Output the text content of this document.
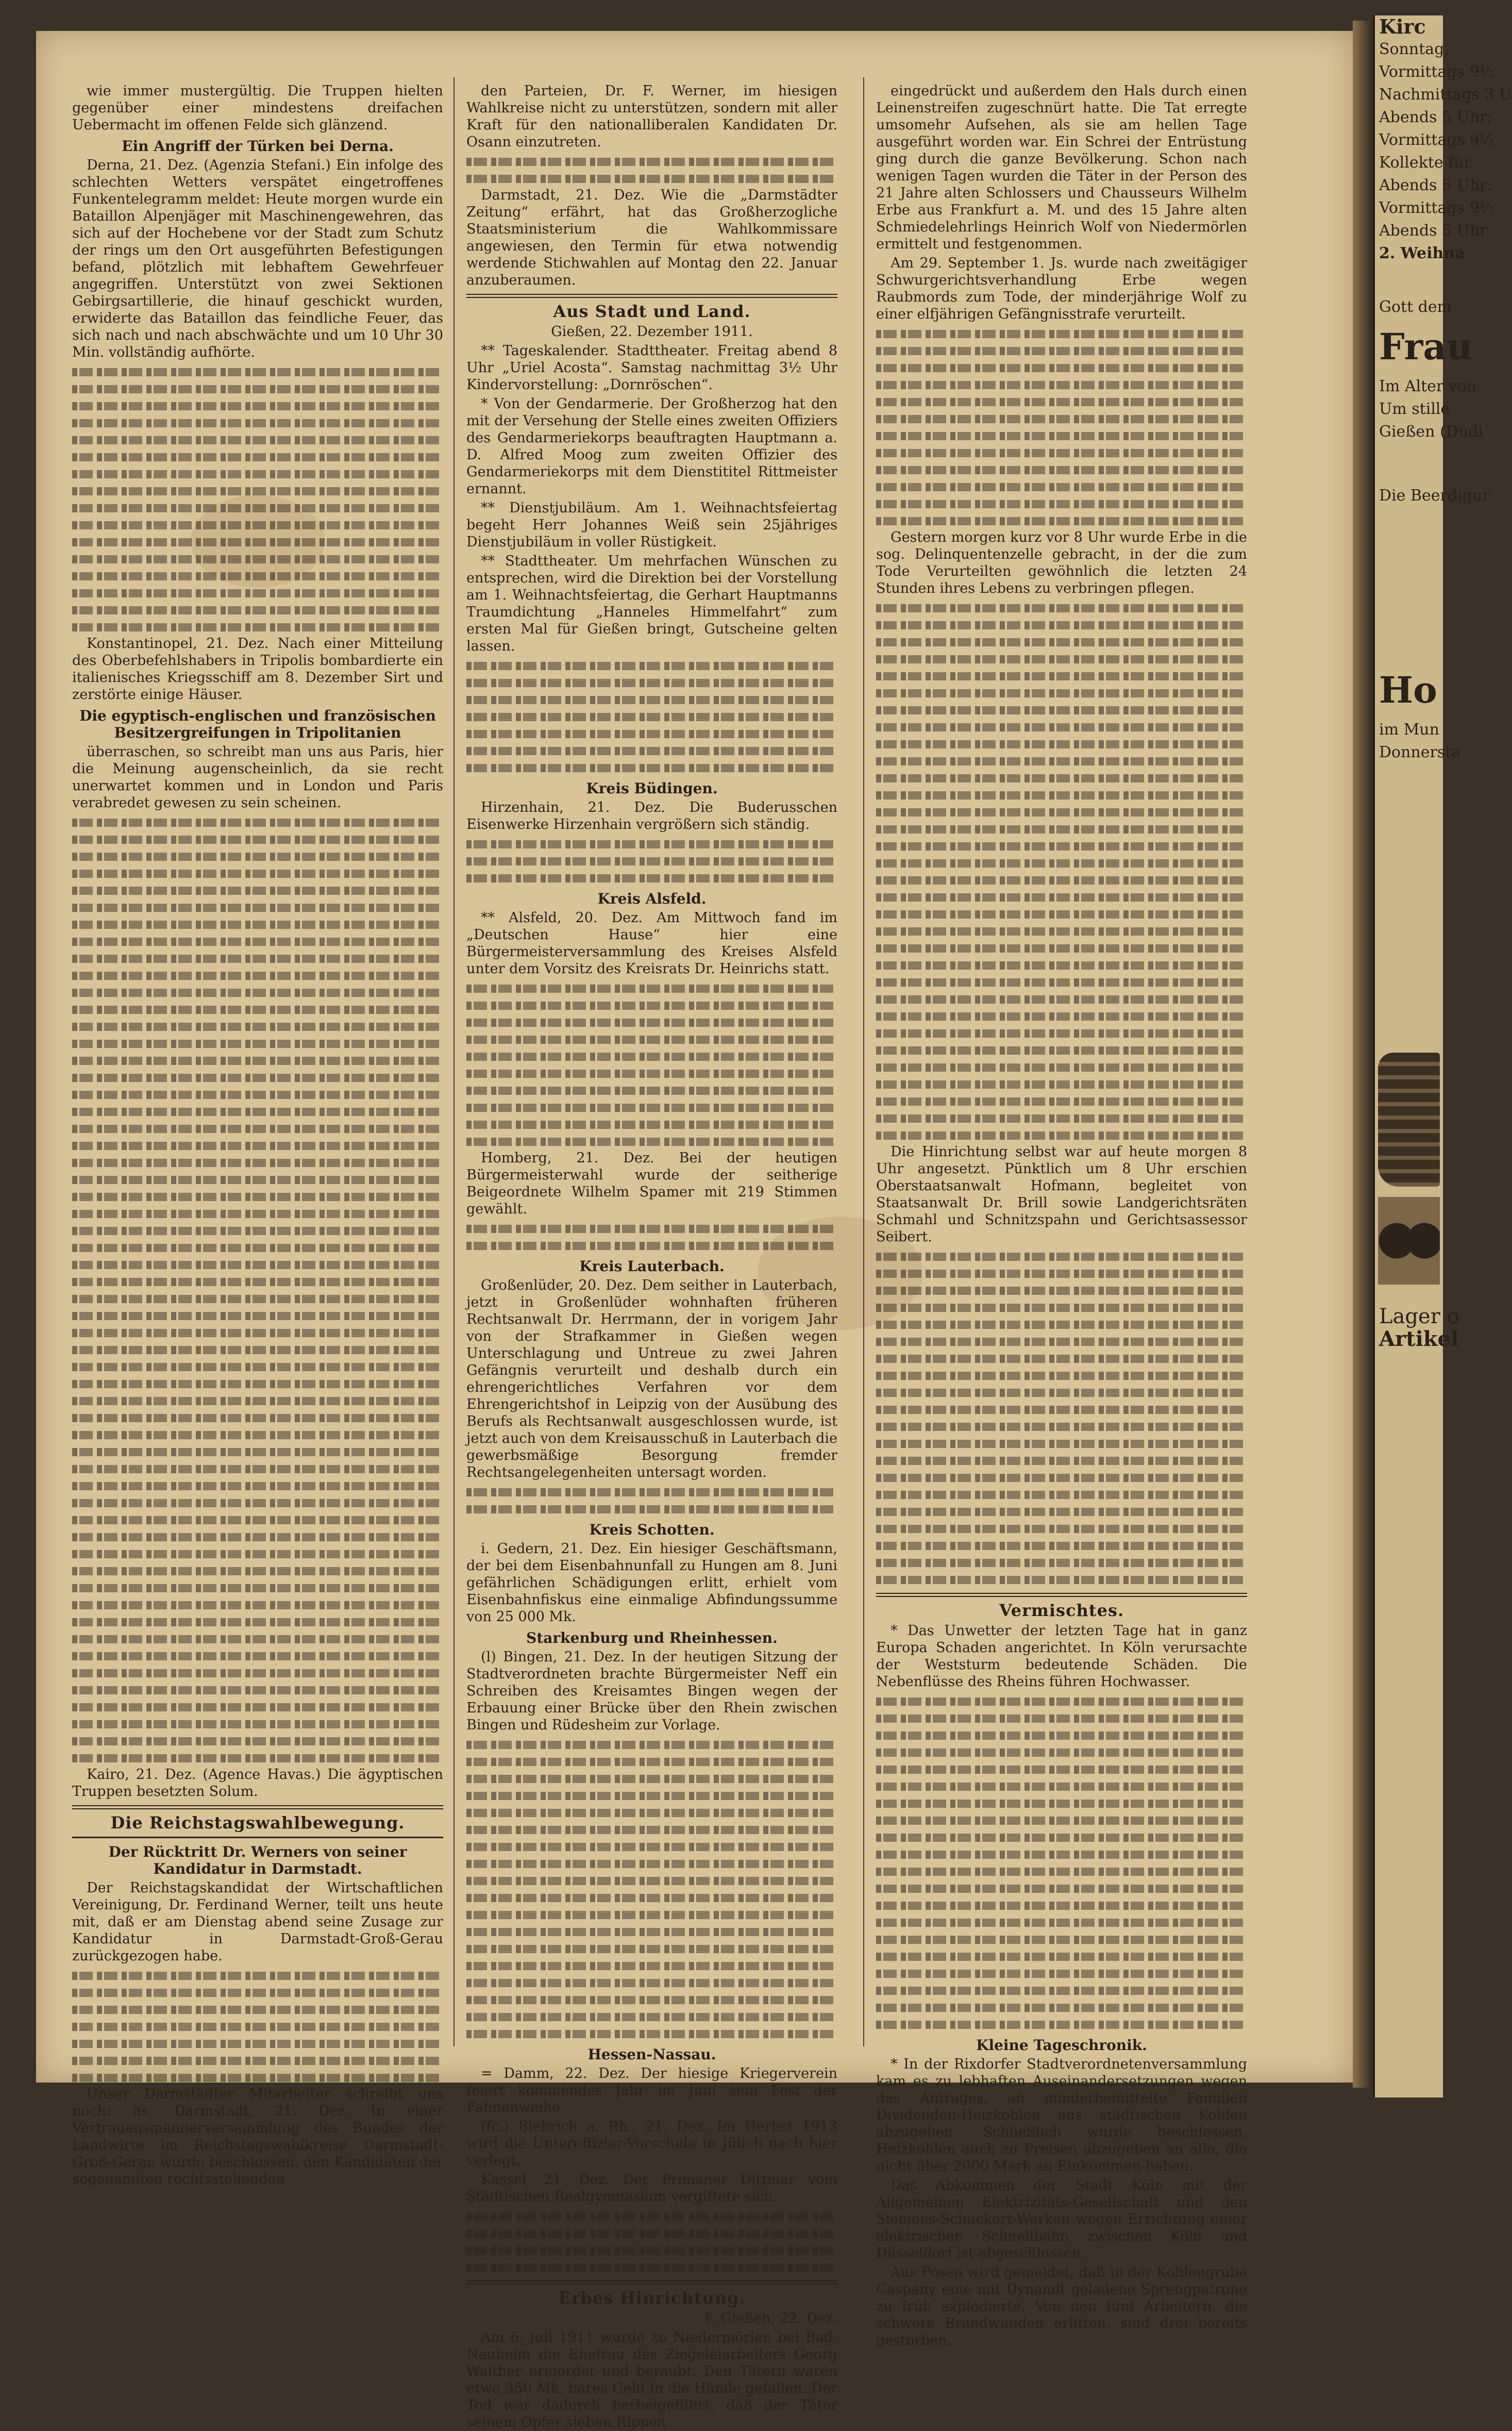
wie immer mustergültig. Die Truppen hielten gegenüber einer mindestens dreifachen Uebermacht im offenen Felde sich glänzend.

Ein Angriff der Türken bei Derna.

Derna, 21. Dez. (Agenzia Stefani.) Ein infolge des schlechten Wetters verspätet eingetroffenes Funkentelegramm meldet: Heute morgen wurde ein Bataillon Alpenjäger mit Maschinengewehren, das sich auf der Hochebene vor der Stadt zum Schutz der rings um den Ort ausgeführten Befestigungen befand, plötzlich mit lebhaftem Gewehrfeuer angegriffen. Unterstützt von zwei Sektionen Gebirgsartillerie, die hinauf geschickt wurden, erwiderte das Bataillon das feindliche Feuer, das sich nach und nach abschwächte und um 10 Uhr 30 Min. vollständig aufhörte.

Konstantinopel, 21. Dez. Nach einer Mitteilung des Oberbefehlshabers in Tripolis bombardierte ein italienisches Kriegsschiff am 8. Dezember Sirt und zerstörte einige Häuser.

Die egyptisch-englischen und französischen Besitzergreifungen in Tripolitanien

überraschen, so schreibt man uns aus Paris, hier die Meinung augenscheinlich, da sie recht unerwartet kommen und in London und Paris verabredet gewesen zu sein scheinen.

Kairo, 21. Dez. (Agence Havas.) Die ägyptischen Truppen besetzten Solum.

Die Reichstagswahlbewegung.
Der Rücktritt Dr. Werners von seiner Kandidatur in Darmstadt.

Der Reichstagskandidat der Wirtschaftlichen Vereinigung, Dr. Ferdinand Werner, teilt uns heute mit, daß er am Dienstag abend seine Zusage zur Kandidatur in Darmstadt-Groß-Gerau zurückgezogen habe.

Unser Darmstädter Mitarbeiter schreibt uns noch: hs. Darmstadt, 21. Dez. In einer Vertrauensmännerversammlung des Bundes der Landwirte im Reichstagswahlkreise Darmstadt-Groß-Gerau wurde beschlossen, den Kandidaten der sogenannten rechtsstehenden

den Parteien, Dr. F. Werner, im hiesigen Wahlkreise nicht zu unterstützen, sondern mit aller Kraft für den nationalliberalen Kandidaten Dr. Osann einzutreten.

Darmstadt, 21. Dez. Wie die „Darmstädter Zeitung“ erfährt, hat das Großherzogliche Staatsministerium die Wahlkommissare angewiesen, den Termin für etwa notwendig werdende Stichwahlen auf Montag den 22. Januar anzuberaumen.

Aus Stadt und Land.

Gießen, 22. Dezember 1911.

** Tageskalender. Stadttheater. Freitag abend 8 Uhr „Uriel Acosta“. Samstag nachmittag 3½ Uhr Kindervorstellung: „Dornröschen“.

* Von der Gendarmerie. Der Großherzog hat den mit der Versehung der Stelle eines zweiten Offiziers des Gendarmeriekorps beauftragten Hauptmann a. D. Alfred Moog zum zweiten Offizier des Gendarmeriekorps mit dem Dienstititel Rittmeister ernannt.

** Dienstjubiläum. Am 1. Weihnachtsfeiertag begeht Herr Johannes Weiß sein 25jähriges Dienstjubiläum in voller Rüstigkeit.

** Stadttheater. Um mehrfachen Wünschen zu entsprechen, wird die Direktion bei der Vorstellung am 1. Weihnachtsfeiertag, die Gerhart Hauptmanns Traumdichtung „Hanneles Himmelfahrt“ zum ersten Mal für Gießen bringt, Gutscheine gelten lassen.

Kreis Büdingen.

Hirzenhain, 21. Dez. Die Buderusschen Eisenwerke Hirzenhain vergrößern sich ständig.

Kreis Alsfeld.

** Alsfeld, 20. Dez. Am Mittwoch fand im „Deutschen Hause“ hier eine Bürgermeisterversammlung des Kreises Alsfeld unter dem Vorsitz des Kreisrats Dr. Heinrichs statt.

Homberg, 21. Dez. Bei der heutigen Bürgermeisterwahl wurde der seitherige Beigeordnete Wilhelm Spamer mit 219 Stimmen gewählt.

Kreis Lauterbach.

Großenlüder, 20. Dez. Dem seither in Lauterbach, jetzt in Großenlüder wohnhaften früheren Rechtsanwalt Dr. Herrmann, der in vorigem Jahr von der Strafkammer in Gießen wegen Unterschlagung und Untreue zu zwei Jahren Gefängnis verurteilt und deshalb durch ein ehrengerichtliches Verfahren vor dem Ehrengerichtshof in Leipzig von der Ausübung des Berufs als Rechtsanwalt ausgeschlossen wurde, ist jetzt auch von dem Kreisausschuß in Lauterbach die gewerbsmäßige Besorgung fremder Rechtsangelegenheiten untersagt worden.

Kreis Schotten.

i. Gedern, 21. Dez. Ein hiesiger Geschäftsmann, der bei dem Eisenbahnunfall zu Hungen am 8. Juni gefährlichen Schädigungen erlitt, erhielt vom Eisenbahnfiskus eine einmalige Abfindungssumme von 25 000 Mk.

Starkenburg und Rheinhessen.

(l) Bingen, 21. Dez. In der heutigen Sitzung der Stadtverordneten brachte Bürgermeister Neff ein Schreiben des Kreisamtes Bingen wegen der Erbauung einer Brücke über den Rhein zwischen Bingen und Rüdesheim zur Vorlage.

Hessen-Nassau.

= Damm, 22. Dez. Der hiesige Kriegerverein feiert kommendes Jahr im Juni sein Fest der Fahnenweihe.

(fc.) Biebrich a. Rh., 21. Dez. Im Herbst 1913 wird die Unteroffizier-Vorschule in Jülich nach hier verlegt.

Kassel, 21. Dez. Der Primaner Dittmar vom Städtischen Realgymnasium vergiftete sich.

Erbes Hinrichtung.

§. Gießen, 22. Dez.

Am 6. Juli 1911 wurde zu Niedermörlen bei Bad-Nauheim die Ehefrau des Ziegeleiarbeiters Georg Walther ermordet und beraubt. Den Tätern waren etwa 350 Mk. bares Geld in die Hände gefallen. Der Tod war dadurch herbeigeführt, daß der Täter seinem Opfer sieben Rippen

eingedrückt und außerdem den Hals durch einen Leinenstreifen zugeschnürt hatte. Die Tat erregte umsomehr Aufsehen, als sie am hellen Tage ausgeführt worden war. Ein Schrei der Entrüstung ging durch die ganze Bevölkerung. Schon nach wenigen Tagen wurden die Täter in der Person des 21 Jahre alten Schlossers und Chausseurs Wilhelm Erbe aus Frankfurt a. M. und des 15 Jahre alten Schmiedelehrlings Heinrich Wolf von Niedermörlen ermittelt und festgenommen.

Am 29. September 1. Js. wurde nach zweitägiger Schwurgerichtsverhandlung Erbe wegen Raubmords zum Tode, der minderjährige Wolf zu einer elfjährigen Gefängnisstrafe verurteilt.

Gestern morgen kurz vor 8 Uhr wurde Erbe in die sog. Delinquentenzelle gebracht, in der die zum Tode Verurteilten gewöhnlich die letzten 24 Stunden ihres Lebens zu verbringen pflegen.

Die Hinrichtung selbst war auf heute morgen 8 Uhr angesetzt. Pünktlich um 8 Uhr erschien Oberstaatsanwalt Hofmann, begleitet von Staatsanwalt Dr. Brill sowie Landgerichtsräten Schmahl und Schnitzspahn und Gerichtsassessor Seibert.

Vermischtes.

* Das Unwetter der letzten Tage hat in ganz Europa Schaden angerichtet. In Köln verursachte der Weststurm bedeutende Schäden. Die Nebenflüsse des Rheins führen Hochwasser.

Kleine Tageschronik.

* In der Rixdorfer Stadtverordnetenversammlung kam es zu lebhaften Auseinandersetzungen wegen des Antrages, an minderbemittelte Familien Dividenden-Heizkohlen aus städtischen Kohlen abzugeben. Schließlich wurde beschlossen, Heizkohlen auch zu Preisen abzugeben an alle, die nicht über 2000 Mark an Einkommen haben.

Das Abkommen der Stadt Köln mit der Allgemeinen Elektrizitäts-Gesellschaft und den Siemens-Schuckert-Werken wegen Errichtung einer elektrischen Schnellbahn zwischen Köln und Düsseldorf ist abgeschlossen.

Aus Posen wird gemeldet, daß in der Kohlengrube Caspany eine mit Dynamit geladene Sprengpatrone zu früh explodierte. Von den fünf Arbeitern, die schwere Brandwunden erlitten, sind drei bereits gestorben.

Kirc
Sonntag,
Vormittags 9½
Nachmittags 3 U
Abends 5 Uhr:
Vormittags 9½
Kollekte für
Abends 5 Uhr:
Vormittags 9½
Abends 5 Uhr
2. Weihna
Gott dem
Frau
Im Alter von
Um stille
Gießen (Dudi
Die Beerdigur
Ho
im Mun
Donnersta
Lager o
Artikel
